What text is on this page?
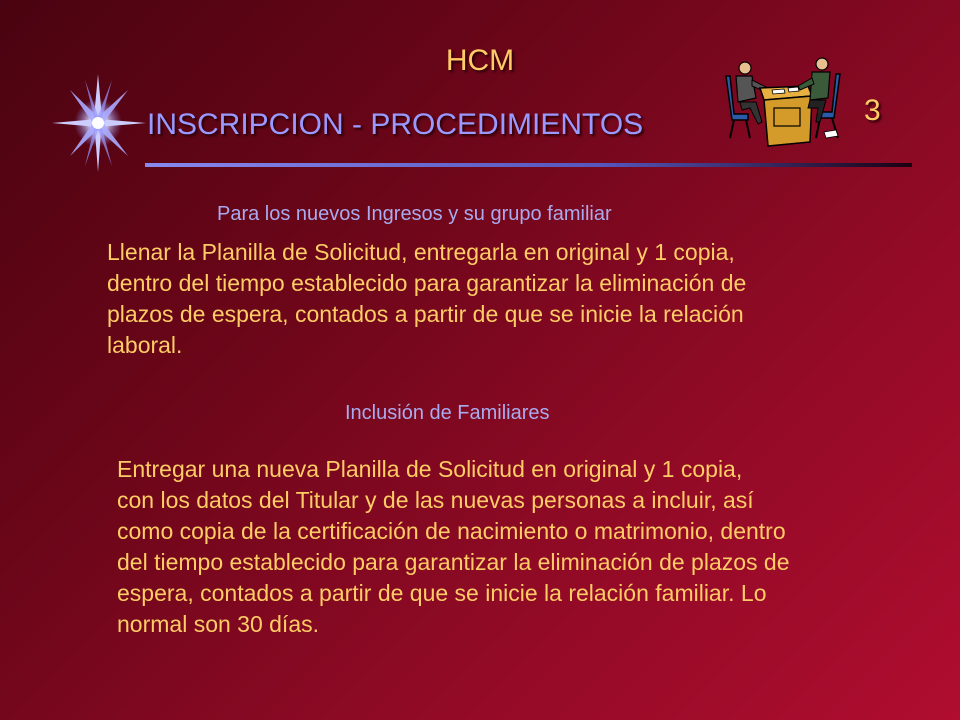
HCM
INSCRIPCION - PROCEDIMIENTOS	3
Para los nuevos Ingresos y su grupo familiar
Llenar la Planilla de Solicitud, entregarla en original y 1 copia,
dentro del tiempo establecido para garantizar la eliminación de
plazos de espera, contados a partir de que se inicie la relación
laboral.
Inclusión de Familiares
Entregar una nueva Planilla de Solicitud en original y 1 copia,
con los datos del Titular y de las nuevas personas a incluir, así
como copia de la certificación de nacimiento o matrimonio, dentro
del tiempo establecido para garantizar la eliminación de plazos de
espera, contados a partir de que se inicie la relación familiar. Lo
normal son 30 días.
